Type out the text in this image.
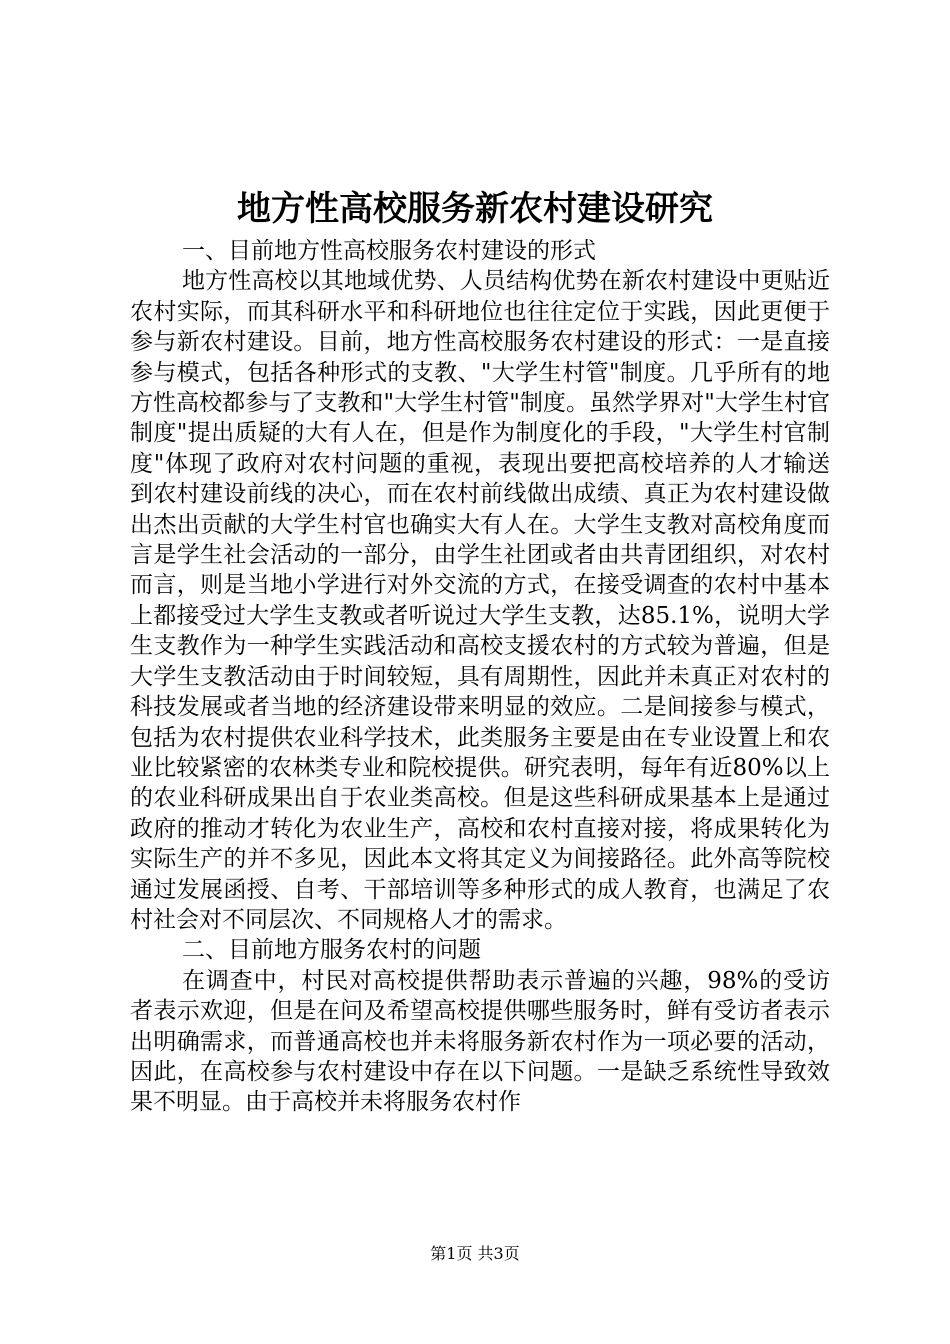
地方性高校服务新农村建设研究

一、目前地方性高校服务农村建设的形式

地方性高校以其地域优势、人员结构优势在新农村建设中更贴近农村实际，而其科研水平和科研地位也往往定位于实践，因此更便于参与新农村建设。目前，地方性高校服务农村建设的形式：一是直接参与模式，包括各种形式的支教、"大学生村管"制度。几乎所有的地方性高校都参与了支教和"大学生村管"制度。虽然学界对"大学生村官制度"提出质疑的大有人在，但是作为制度化的手段，"大学生村官制度"体现了政府对农村问题的重视，表现出要把高校培养的人才输送到农村建设前线的决心，而在农村前线做出成绩、真正为农村建设做出杰出贡献的大学生村官也确实大有人在。大学生支教对高校角度而言是学生社会活动的一部分，由学生社团或者由共青团组织，对农村而言，则是当地小学进行对外交流的方式，在接受调查的农村中基本上都接受过大学生支教或者听说过大学生支教，达85.1%，说明大学生支教作为一种学生实践活动和高校支援农村的方式较为普遍，但是大学生支教活动由于时间较短，具有周期性，因此并未真正对农村的科技发展或者当地的经济建设带来明显的效应。二是间接参与模式，包括为农村提供农业科学技术，此类服务主要是由在专业设置上和农业比较紧密的农林类专业和院校提供。研究表明，每年有近80%以上的农业科研成果出自于农业类高校。但是这些科研成果基本上是通过政府的推动才转化为农业生产，高校和农村直接对接，将成果转化为实际生产的并不多见，因此本文将其定义为间接路径。此外高等院校通过发展函授、自考、干部培训等多种形式的成人教育，也满足了农村社会对不同层次、不同规格人才的需求。

二、目前地方服务农村的问题

在调查中，村民对高校提供帮助表示普遍的兴趣，98%的受访者表示欢迎，但是在问及希望高校提供哪些服务时，鲜有受访者表示出明确需求，而普通高校也并未将服务新农村作为一项必要的活动，因此，在高校参与农村建设中存在以下问题。一是缺乏系统性导致效果不明显。由于高校并未将服务农村作

第1页 共3页
